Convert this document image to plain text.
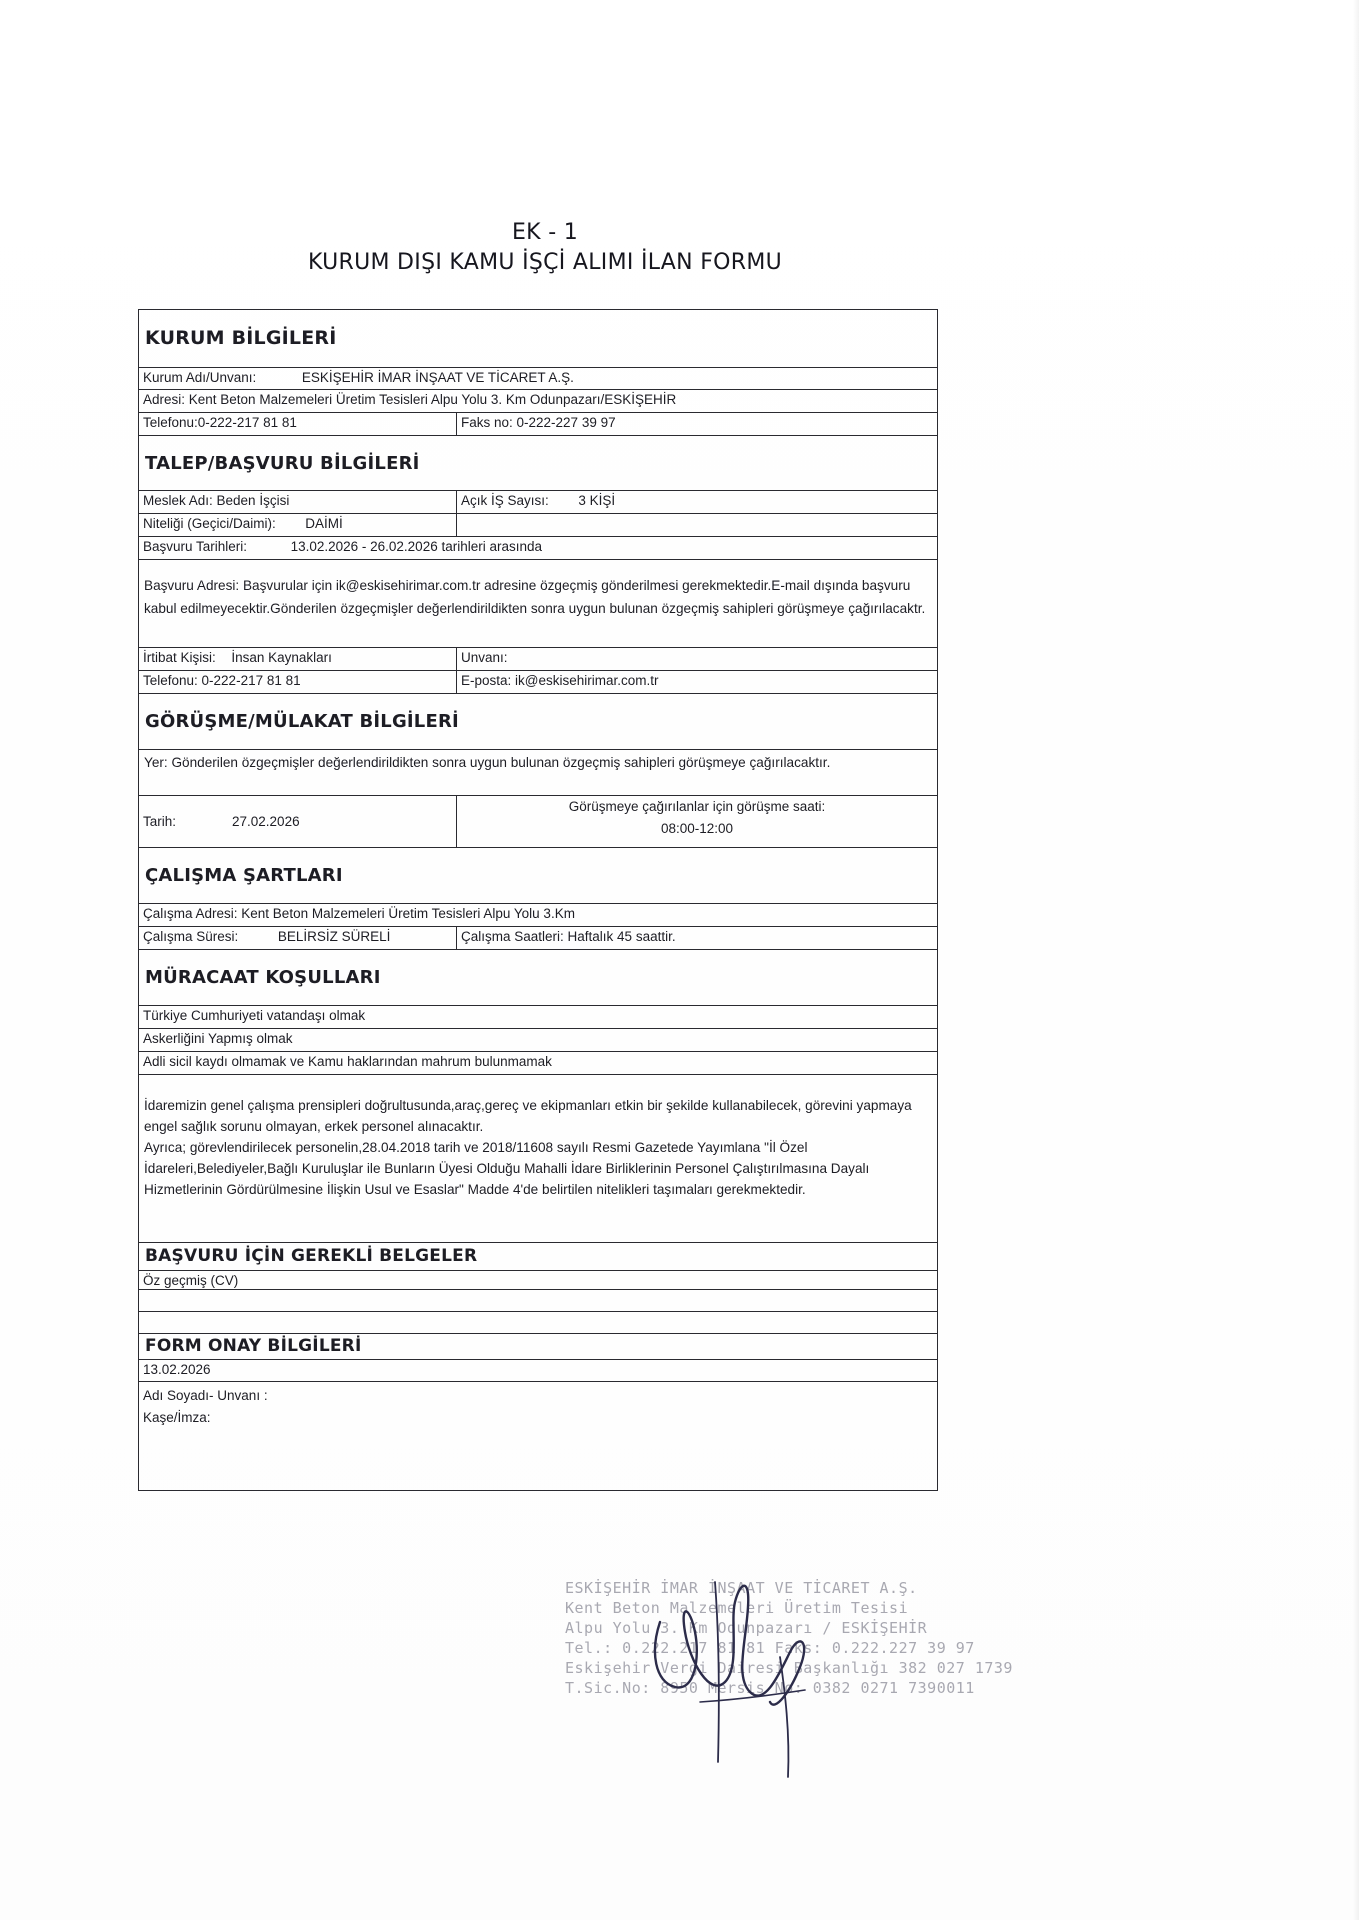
EK - 1
KURUM DIŞI KAMU İŞÇİ ALIMI İLAN FORMU
KURUM BİLGİLERİ
Kurum Adı/Unvanı:	ESKİŞEHİR İMAR İNŞAAT VE TİCARET A.Ş.
Adresi: Kent Beton Malzemeleri Üretim Tesisleri Alpu Yolu 3. Km Odunpazarı/ESKİŞEHİR
Telefonu:0-222-217 81 81	Faks no: 0-222-227 39 97
TALEP/BAŞVURU BİLGİLERİ
Meslek Adı: Beden İşçisi	Açık İŞ Sayısı: 3 KİŞİ
Niteliği (Geçici/Daimi): DAİMİ
Başvuru Tarihleri:	13.02.2026 - 26.02.2026 tarihleri arasında
Başvuru Adresi: Başvurular için ik@eskisehirimar.com.tr adresine özgeçmiş gönderilmesi gerekmektedir.E-mail dışında başvuru kabul edilmeyecektir.Gönderilen özgeçmişler değerlendirildikten sonra uygun bulunan özgeçmiş sahipleri görüşmeye çağırılacaktr.
İrtibat Kişisi: İnsan Kaynakları	Unvanı:
Telefonu: 0-222-217 81 81	E-posta: ik@eskisehirimar.com.tr
GÖRÜŞME/MÜLAKAT BİLGİLERİ
Yer: Gönderilen özgeçmişler değerlendirildikten sonra uygun bulunan özgeçmiş sahipleri görüşmeye çağırılacaktır.
Tarih:	27.02.2026
Görüşmeye çağırılanlar için görüşme saati:
08:00-12:00
ÇALIŞMA ŞARTLARI
Çalışma Adresi: Kent Beton Malzemeleri Üretim Tesisleri Alpu Yolu 3.Km
Çalışma Süresi:	BELİRSİZ SÜRELİ	Çalışma Saatleri: Haftalık 45 saattir.
MÜRACAAT KOŞULLARI
Türkiye Cumhuriyeti vatandaşı olmak
Askerliğini Yapmış olmak
Adli sicil kaydı olmamak ve Kamu haklarından mahrum bulunmamak
İdaremizin genel çalışma prensipleri doğrultusunda,araç,gereç ve ekipmanları etkin bir şekilde kullanabilecek, görevini yapmaya engel sağlık sorunu olmayan, erkek personel alınacaktır.
Ayrıca; görevlendirilecek personelin,28.04.2018 tarih ve 2018/11608 sayılı Resmi Gazetede Yayımlana "İl Özel İdareleri,Belediyeler,Bağlı Kuruluşlar ile Bunların Üyesi Olduğu Mahalli İdare Birliklerinin Personel Çalıştırılmasına Dayalı Hizmetlerinin Gördürülmesine İlişkin Usul ve Esaslar" Madde 4'de belirtilen nitelikleri taşımaları gerekmektedir.
BAŞVURU İÇİN GEREKLİ BELGELER
Öz geçmiş (CV)
FORM ONAY BİLGİLERİ
13.02.2026
Adı Soyadı- Unvanı :
Kaşe/İmza:
ESKİŞEHİR İMAR İNŞAAT VE TİCARET A.Ş.
Kent Beton Malzemeleri Üretim Tesisi
Alpu Yolu 3. Km Odunpazarı / ESKİŞEHİR
Tel.: 0.222.217 81 81 Faks: 0.222.227 39 97
Eskişehir Vergi Dairesi Başkanlığı 382 027 1739
T.Sic.No: 8950 Mersis No: 0382 0271 7390011
